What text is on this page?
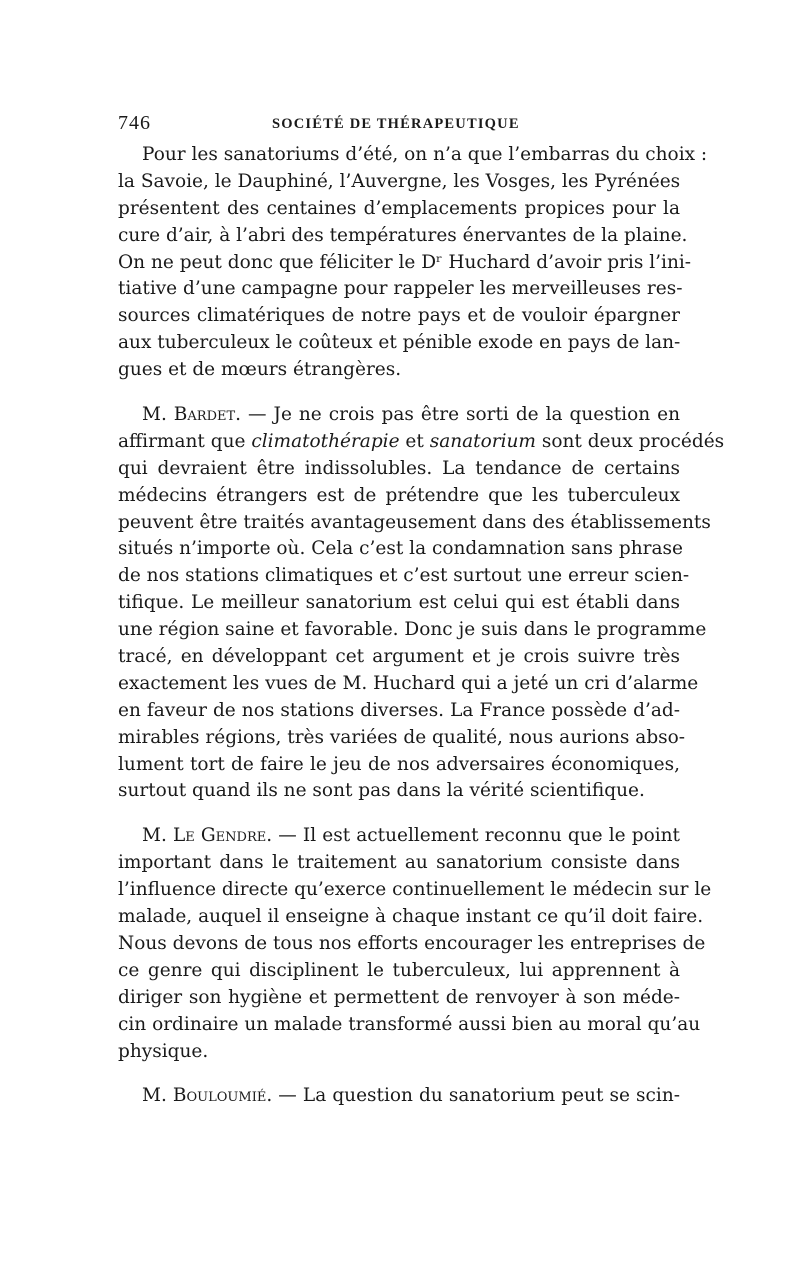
746	SOCIÉTÉ DE THÉRAPEUTIQUE
Pour les sanatoriums d’été, on n’a que l’embarras du choix :
la Savoie, le Dauphiné, l’Auvergne, les Vosges, les Pyrénées
présentent des centaines d’emplacements propices pour la
cure d’air, à l’abri des températures énervantes de la plaine.
On ne peut donc que féliciter le Dʳ Huchard d’avoir pris l’ini-
tiative d’une campagne pour rappeler les merveilleuses res-
sources climatériques de notre pays et de vouloir épargner
aux tuberculeux le coûteux et pénible exode en pays de lan-
gues et de mœurs étrangères.
M. Bardet. — Je ne crois pas être sorti de la question en
affirmant que climatothérapie et sanatorium sont deux procédés
qui devraient être indissolubles. La tendance de certains
médecins étrangers est de prétendre que les tuberculeux
peuvent être traités avantageusement dans des établissements
situés n’importe où. Cela c’est la condamnation sans phrase
de nos stations climatiques et c’est surtout une erreur scien-
tifique. Le meilleur sanatorium est celui qui est établi dans
une région saine et favorable. Donc je suis dans le programme
tracé, en développant cet argument et je crois suivre très
exactement les vues de M. Huchard qui a jeté un cri d’alarme
en faveur de nos stations diverses. La France possède d’ad-
mirables régions, très variées de qualité, nous aurions abso-
lument tort de faire le jeu de nos adversaires économiques,
surtout quand ils ne sont pas dans la vérité scientifique.
M. Le Gendre. — Il est actuellement reconnu que le point
important dans le traitement au sanatorium consiste dans
l’influence directe qu’exerce continuellement le médecin sur le
malade, auquel il enseigne à chaque instant ce qu’il doit faire.
Nous devons de tous nos efforts encourager les entreprises de
ce genre qui disciplinent le tuberculeux, lui apprennent à
diriger son hygiène et permettent de renvoyer à son méde-
cin ordinaire un malade transformé aussi bien au moral qu’au
physique.
M. Bouloumié. — La question du sanatorium peut se scin-
